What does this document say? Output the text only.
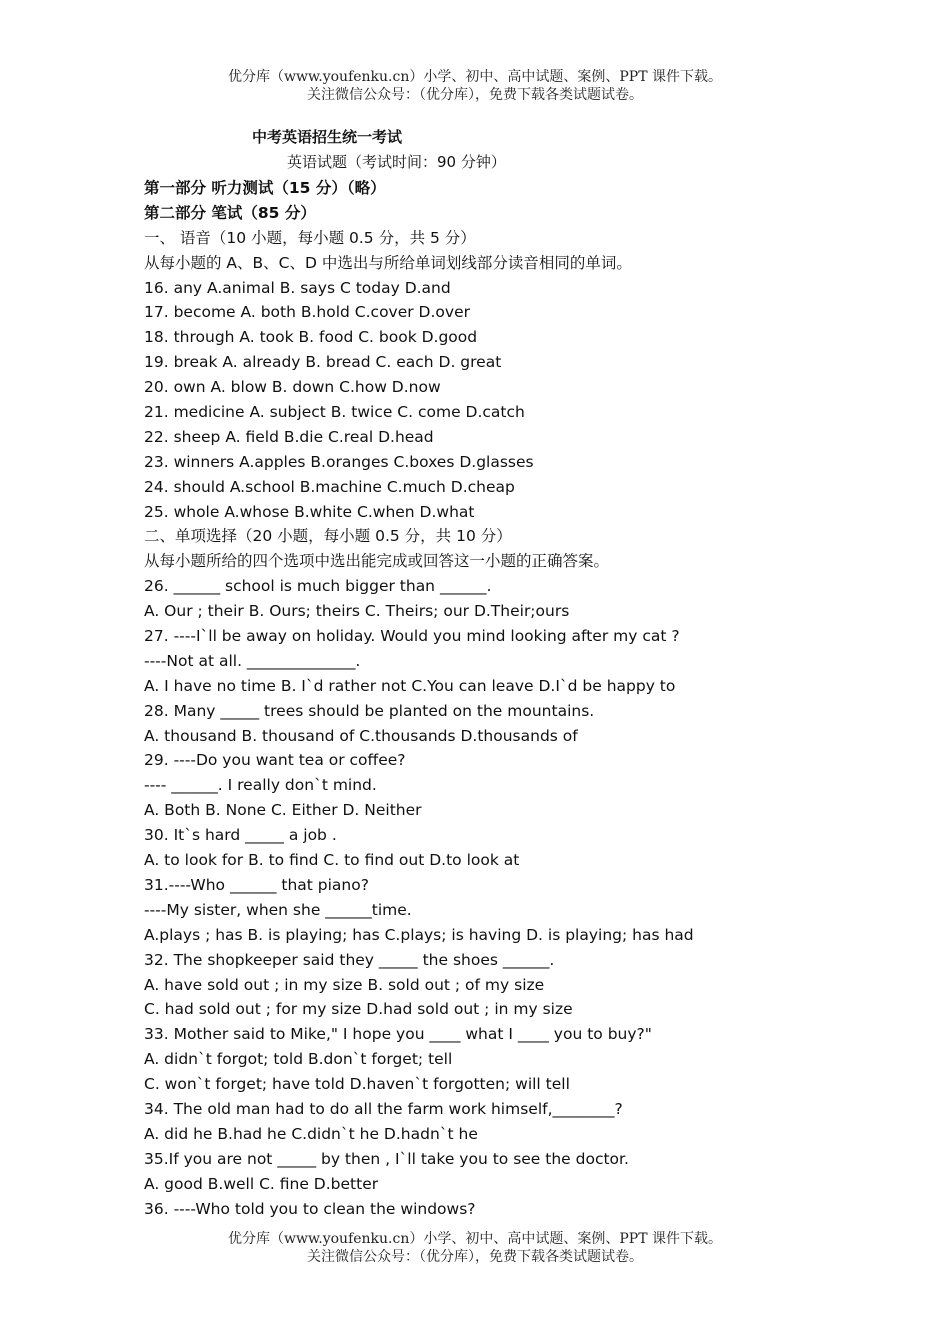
优分库（www.youfenku.cn）小学、初中、高中试题、案例、PPT 课件下载。
关注微信公众号：（优分库），免费下载各类试题试卷。
中考英语招生统一考试
英语试题（考试时间：90 分钟）
第一部分 听力测试（15 分）（略）
第二部分 笔试（85 分）
一、 语音（10 小题，每小题 0.5 分，共 5 分）
从每小题的 A、B、C、D 中选出与所给单词划线部分读音相同的单词。
16. any A.animal B. says C today D.and
17. become A. both B.hold C.cover D.over
18. through A. took B. food C. book D.good
19. break A. already B. bread C. each D. great
20. own A. blow B. down C.how D.now
21. medicine A. subject B. twice C. come D.catch
22. sheep A. field B.die C.real D.head
23. winners A.apples B.oranges C.boxes D.glasses
24. should A.school B.machine C.much D.cheap
25. whole A.whose B.white C.when D.what
二、单项选择（20 小题，每小题 0.5 分，共 10 分）
从每小题所给的四个选项中选出能完成或回答这一小题的正确答案。
26. ______ school is much bigger than ______.
A. Our ; their B. Ours; theirs C. Theirs; our D.Their;ours
27. ----I`ll be away on holiday. Would you mind looking after my cat ?
----Not at all. ______________.
A. I have no time B. I`d rather not C.You can leave D.I`d be happy to
28. Many _____ trees should be planted on the mountains.
A. thousand B. thousand of C.thousands D.thousands of
29. ----Do you want tea or coffee?
---- ______. I really don`t mind.
A. Both B. None C. Either D. Neither
30. It`s hard _____ a job .
A. to look for B. to find C. to find out D.to look at
31.----Who ______ that piano?
----My sister, when she ______time.
A.plays ; has B. is playing; has C.plays; is having D. is playing; has had
32. The shopkeeper said they _____ the shoes ______.
A. have sold out ; in my size B. sold out ; of my size
C. had sold out ; for my size D.had sold out ; in my size
33. Mother said to Mike," I hope you ____ what I ____ you to buy?"
A. didn`t forgot; told B.don`t forget; tell
C. won`t forget; have told D.haven`t forgotten; will tell
34. The old man had to do all the farm work himself,________?
A. did he B.had he C.didn`t he D.hadn`t he
35.If you are not _____ by then , I`ll take you to see the doctor.
A. good B.well C. fine D.better
36. ----Who told you to clean the windows?
优分库（www.youfenku.cn）小学、初中、高中试题、案例、PPT 课件下载。
关注微信公众号：（优分库），免费下载各类试题试卷。
